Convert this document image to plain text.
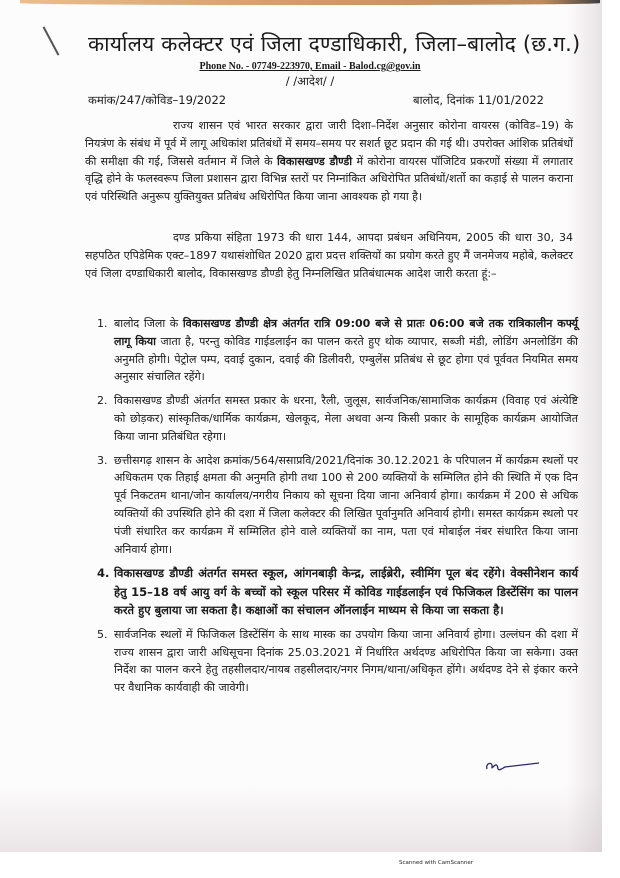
कार्यालय कलेक्टर एवं जिला दण्डाधिकारी, जिला–बालोद (छ.ग.)
Phone No. - 07749-223970, Email - Balod.cg@gov.in
/ /आदेश/ /
कमांक/247/कोविड–19/2022	बालोद, दिनांक 11/01/2022
राज्य शासन एवं भारत सरकार द्वारा जारी दिशा–निर्देश अनुसार कोरोना वायरस (कोविड–19) के नियत्रंण के संबंध में पूर्व में लागू अधिकांश प्रतिबंधों में समय–समय पर सशर्त छूट प्रदान की गई थी। उपरोक्त आंशिक प्रतिबंधों की समीक्षा की गई, जिससे वर्तमान में जिले के विकासखण्ड डौण्डी में कोरोना वायरस पॉजिटिव प्रकरणों संख्या में लगातार वृद्धि होने के फलस्वरूप जिला प्रशासन द्वारा विभिन्न स्तरों पर निम्नांकित अधिरोपित प्रतिबंधों/शर्तो का कड़ाई से पालन कराना एवं परिस्थिति अनुरूप युक्तियुक्त प्रतिबंध अधिरोपित किया जाना आवश्यक हो गया है।
दण्ड प्रकिया संहिता 1973 की धारा 144, आपदा प्रबंधन अधिनियम, 2005 की धारा 30, 34 सहपठित एपिडेमिक एक्ट–1897 यथासंशोधित 2020 द्वारा प्रदत्त शक्तियों का प्रयोग करते हुए मैं जनमेजय महोबे, कलेक्टर एवं जिला दण्डाधिकारी बालोद, विकासखण्ड डौण्डी हेतु निम्नलिखित प्रतिबंधात्मक आदेश जारी करता हूं:–
1. बालोद जिला के विकासखण्ड डौण्डी क्षेत्र अंतर्गत रात्रि 09:00 बजे से प्रातः 06:00 बजे तक रात्रिकालीन कर्फ्यू लागू किया जाता है, परन्तु कोविड गाईडलाईन का पालन करते हुए थोक व्यापार, सब्जी मंडी, लोडिंग अनलोडिंग की अनुमति होगी। पेट्रोल पम्प, दवाई दुकान, दवाई की डिलीवरी, एम्बुलेंस प्रतिबंध से छूट होगा एवं पूर्ववत नियमित समय अनुसार संचालित रहेंगे।
2. विकासखण्ड डौण्डी अंतर्गत समस्त प्रकार के धरना, रैली, जुलूस, सार्वजनिक/सामाजिक कार्यक्रम (विवाह एवं अंत्येष्टि को छोड़कर) सांस्कृतिक/धार्मिक कार्यक्रम, खेलकूद, मेला अथवा अन्य किसी प्रकार के सामूहिक कार्यक्रम आयोजित किया जाना प्रतिबंधित रहेगा।
3. छत्तीसगढ़ शासन के आदेश क्रमांक/564/ससाप्रवि/2021/दिनांक 30.12.2021 के परिपालन में कार्यक्रम स्थलों पर अधिकतम एक तिहाई क्षमता की अनुमति होगी तथा 100 से 200 व्यक्तियों के सम्मिलित होने की स्थिति में एक दिन पूर्व निकटतम थाना/जोन कार्यालय/नगरीय निकाय को सूचना दिया जाना अनिवार्य होगा। कार्यक्रम में 200 से अधिक व्यक्तियों की उपस्थिति होने की दशा में जिला कलेक्टर की लिखित पूर्वानुमति अनिवार्य होगी। समस्त कार्यक्रम स्थलो पर पंजी संधारित कर कार्यक्रम में सम्मिलित होने वाले व्यक्तियों का नाम, पता एवं मोबाईल नंबर संधारित किया जाना अनिवार्य होगा।
4. विकासखण्ड डौण्डी अंतर्गत समस्त स्कूल, आंगनबाड़ी केन्द्र, लाईब्रेरी, स्वीमिंग पूल बंद रहेंगे। वेक्सीनेशन कार्य हेतु 15–18 वर्ष आयु वर्ग के बच्चों को स्कूल परिसर में कोविड गाईडलाईन एवं फिजिकल डिस्टेंसिंग का पालन करते हुए बुलाया जा सकता है। कक्षाओं का संचालन ऑनलाईन माध्यम से किया जा सकता है।
5. सार्वजनिक स्थलों में फिजिकल डिस्टेंसिंग के साथ मास्क का उपयोग किया जाना अनिवार्य होगा। उल्लंघन की दशा में राज्य शासन द्वारा जारी अधिसूचना दिनांक 25.03.2021 में निर्धारित अर्थदण्ड अधिरोपित किया जा सकेगा। उक्त निर्देश का पालन करने हेतु तहसीलदार/नायब तहसीलदार/नगर निगम/थाना/अधिकृत होंगे। अर्थदण्ड देने से इंकार करने पर वैधानिक कार्यवाही की जावेगी।
Scanned with CamScanner
